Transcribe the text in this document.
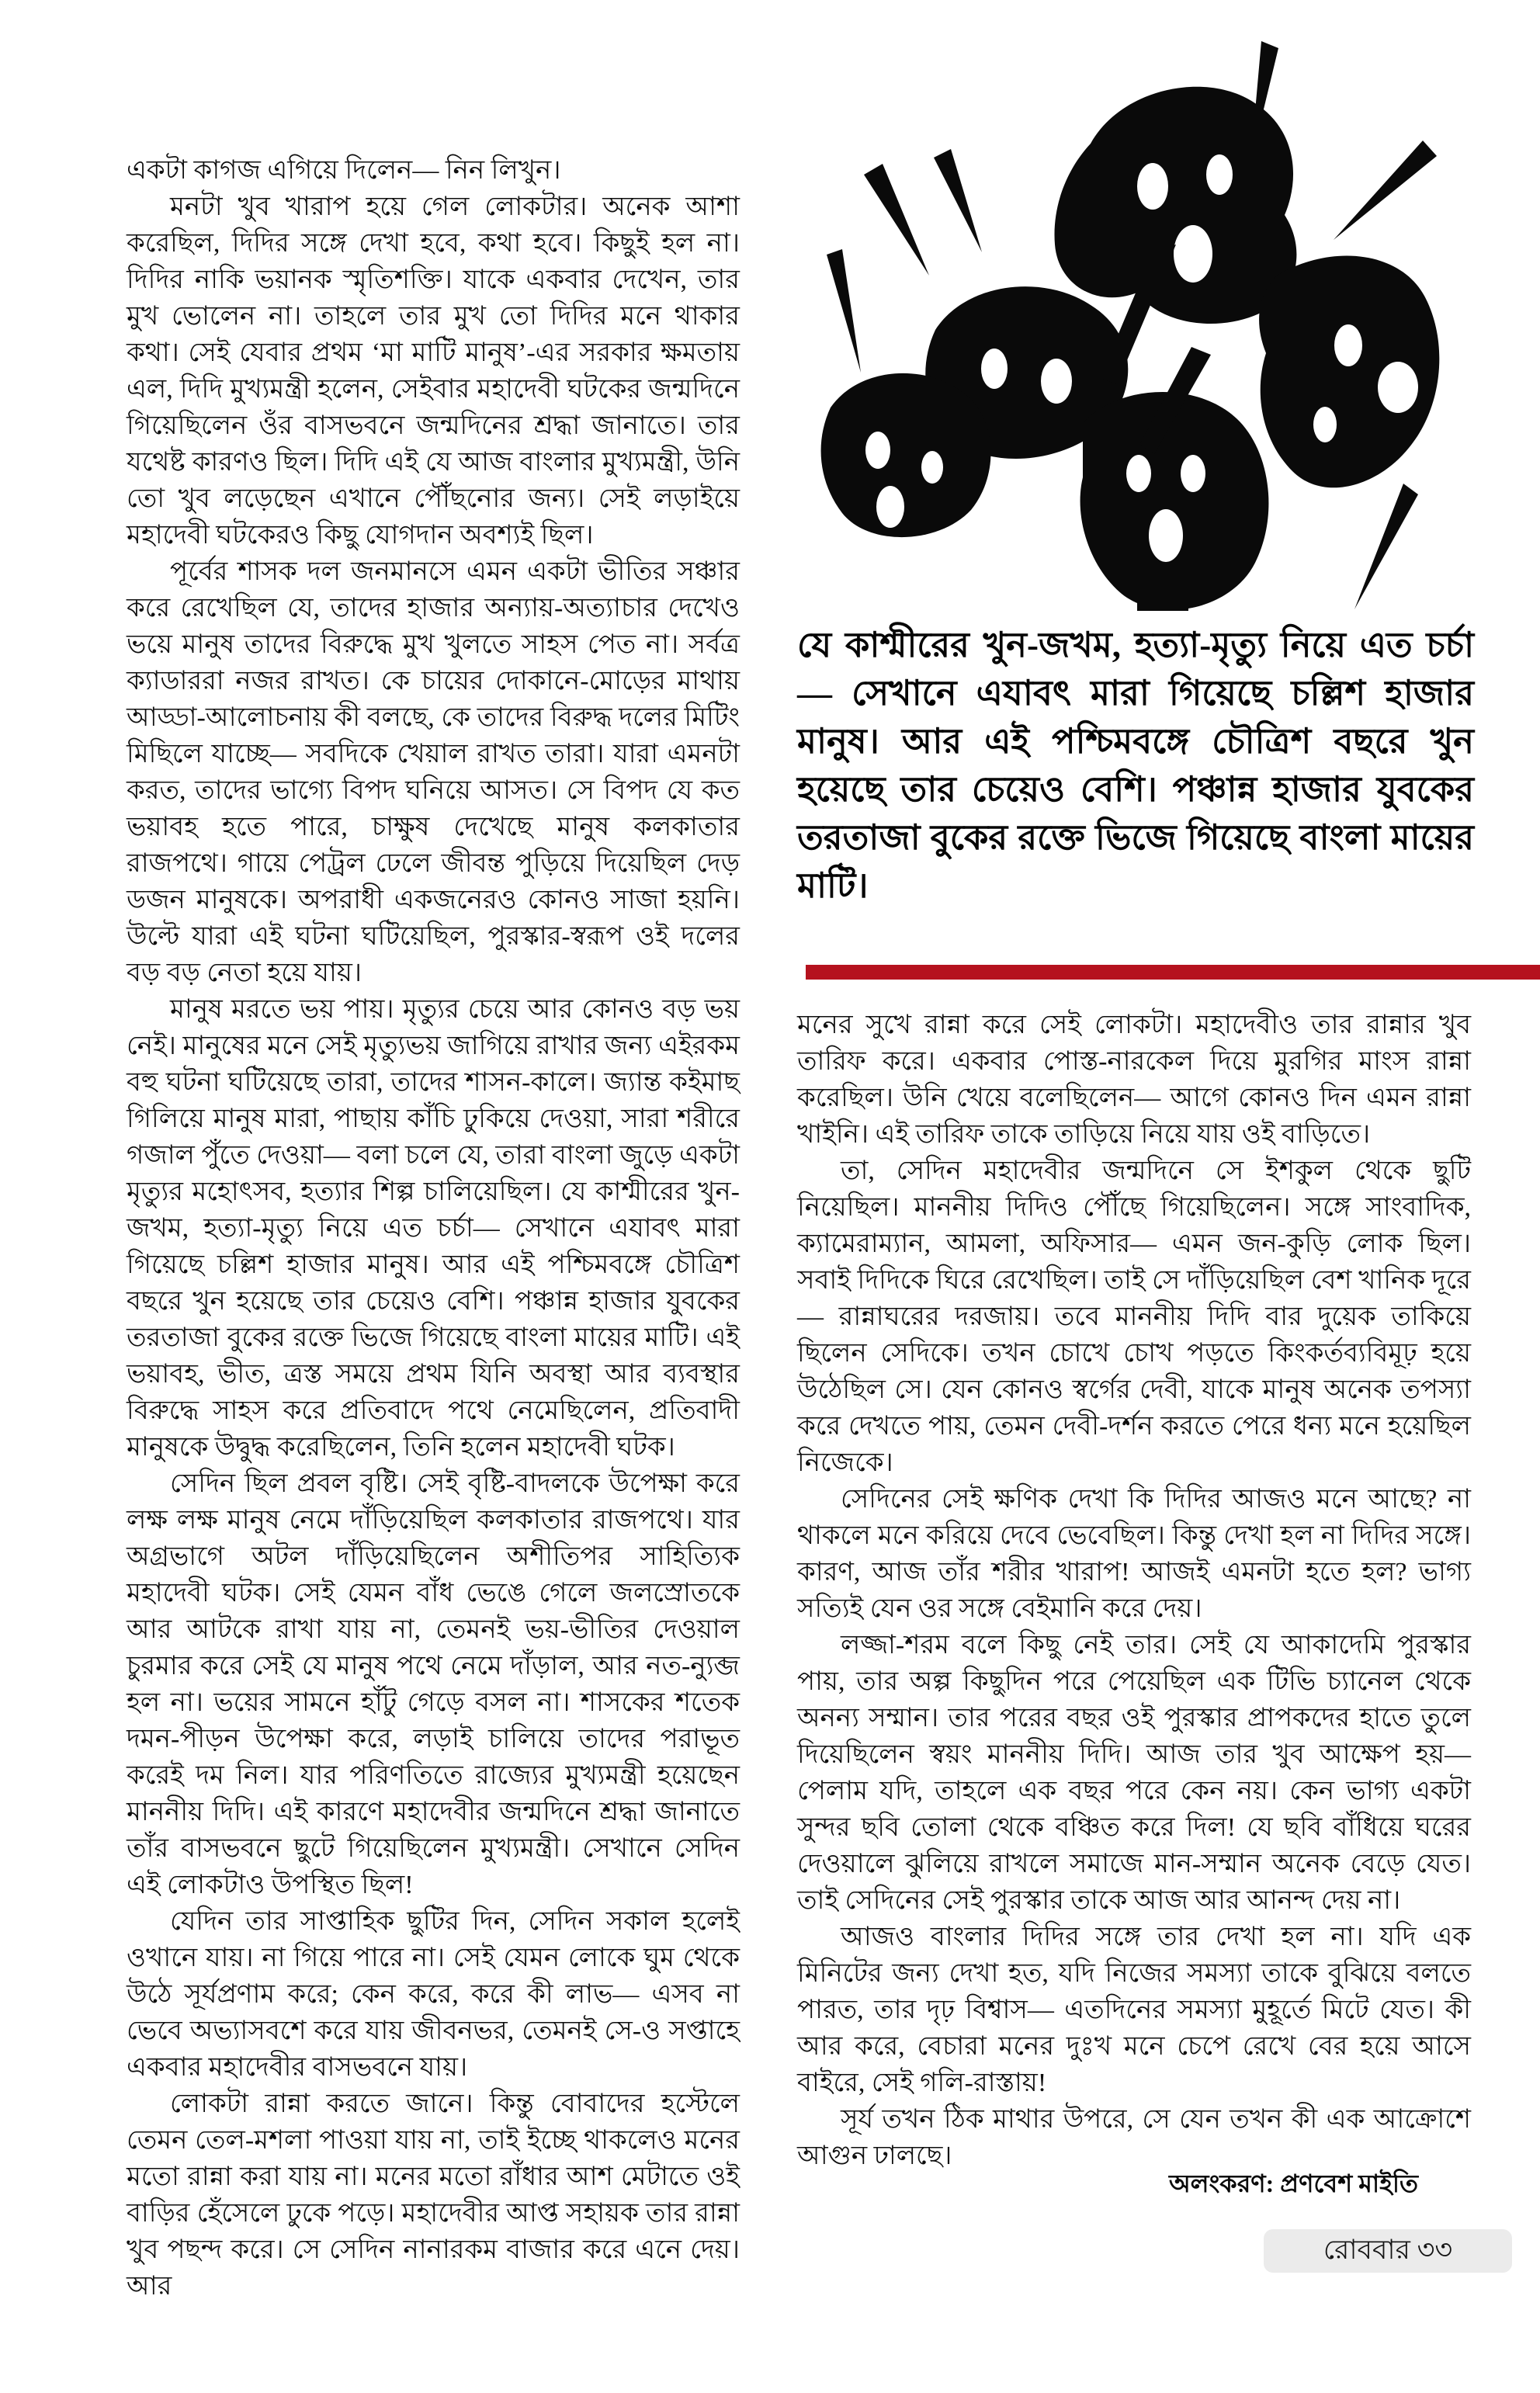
যে কাশ্মীরের খুন-জখম, হত্যা-মৃত্যু নিয়ে এত চর্চা— সেখানে এযাবৎ মারা গিয়েছে চল্লিশ হাজার মানুষ। আর এই পশ্চিমবঙ্গে চৌত্রিশ বছরে খুন হয়েছে তার চেয়েও বেশি। পঞ্চান্ন হাজার যুবকের তরতাজা বুকের রক্তে ভিজে গিয়েছে বাংলা মায়ের মাটি।

একটা কাগজ এগিয়ে দিলেন— নিন লিখুন।

মনটা খুব খারাপ হয়ে গেল লোকটার। অনেক আশা করেছিল, দিদির সঙ্গে দেখা হবে, কথা হবে। কিছুই হল না। দিদির নাকি ভয়ানক স্মৃতিশক্তি। যাকে একবার দেখেন, তার মুখ ভোলেন না। তাহলে তার মুখ তো দিদির মনে থাকার কথা। সেই যেবার প্রথম ‘মা মাটি মানুষ’-এর সরকার ক্ষমতায় এল, দিদি মুখ্যমন্ত্রী হলেন, সেইবার মহাদেবী ঘটকের জন্মদিনে গিয়েছিলেন ওঁর বাসভবনে জন্মদিনের শ্রদ্ধা জানাতে। তার যথেষ্ট কারণও ছিল। দিদি এই যে আজ বাংলার মুখ্যমন্ত্রী, উনি তো খুব লড়েছেন এখানে পৌঁছনোর জন্য। সেই লড়াইয়ে মহাদেবী ঘটকেরও কিছু যোগদান অবশ্যই ছিল।

পূর্বের শাসক দল জনমানসে এমন একটা ভীতির সঞ্চার করে রেখেছিল যে, তাদের হাজার অন্যায়-অত্যাচার দেখেও ভয়ে মানুষ তাদের বিরুদ্ধে মুখ খুলতে সাহস পেত না। সর্বত্র ক্যাডাররা নজর রাখত। কে চায়ের দোকানে-মোড়ের মাথায় আড্ডা-আলোচনায় কী বলছে, কে তাদের বিরুদ্ধ দলের মিটিং মিছিলে যাচ্ছে— সবদিকে খেয়াল রাখত তারা। যারা এমনটা করত, তাদের ভাগ্যে বিপদ ঘনিয়ে আসত। সে বিপদ যে কত ভয়াবহ হতে পারে, চাক্ষুষ দেখেছে মানুষ কলকাতার রাজপথে। গায়ে পেট্রল ঢেলে জীবন্ত পুড়িয়ে দিয়েছিল দেড় ডজন মানুষকে। অপরাধী একজনেরও কোনও সাজা হয়নি। উল্টে যারা এই ঘটনা ঘটিয়েছিল, পুরস্কার-স্বরূপ ওই দলের বড় বড় নেতা হয়ে যায়।

মানুষ মরতে ভয় পায়। মৃত্যুর চেয়ে আর কোনও বড় ভয় নেই। মানুষের মনে সেই মৃত্যুভয় জাগিয়ে রাখার জন্য এইরকম বহু ঘটনা ঘটিয়েছে তারা, তাদের শাসন-কালে। জ্যান্ত কইমাছ গিলিয়ে মানুষ মারা, পাছায় কাঁচি ঢুকিয়ে দেওয়া, সারা শরীরে গজাল পুঁতে দেওয়া— বলা চলে যে, তারা বাংলা জুড়ে একটা মৃত্যুর মহোৎসব, হত্যার শিল্প চালিয়েছিল। যে কাশ্মীরের খুন-জখম, হত্যা-মৃত্যু নিয়ে এত চর্চা— সেখানে এযাবৎ মারা গিয়েছে চল্লিশ হাজার মানুষ। আর এই পশ্চিমবঙ্গে চৌত্রিশ বছরে খুন হয়েছে তার চেয়েও বেশি। পঞ্চান্ন হাজার যুবকের তরতাজা বুকের রক্তে ভিজে গিয়েছে বাংলা মায়ের মাটি। এই ভয়াবহ, ভীত, ত্রস্ত সময়ে প্রথম যিনি অবস্থা আর ব্যবস্থার বিরুদ্ধে সাহস করে প্রতিবাদে পথে নেমেছিলেন, প্রতিবাদী মানুষকে উদ্বুদ্ধ করেছিলেন, তিনি হলেন মহাদেবী ঘটক।

সেদিন ছিল প্রবল বৃষ্টি। সেই বৃষ্টি-বাদলকে উপেক্ষা করে লক্ষ লক্ষ মানুষ নেমে দাঁড়িয়েছিল কলকাতার রাজপথে। যার অগ্রভাগে অটল দাঁড়িয়েছিলেন অশীতিপর সাহিত্যিক মহাদেবী ঘটক। সেই যেমন বাঁধ ভেঙে গেলে জলস্রোতকে আর আটকে রাখা যায় না, তেমনই ভয়-ভীতির দেওয়াল চুরমার করে সেই যে মানুষ পথে নেমে দাঁড়াল, আর নত-ন্যুব্জ হল না। ভয়ের সামনে হাঁটু গেড়ে বসল না। শাসকের শতেক দমন-পীড়ন উপেক্ষা করে, লড়াই চালিয়ে তাদের পরাভূত করেই দম নিল। যার পরিণতিতে রাজ্যের মুখ্যমন্ত্রী হয়েছেন মাননীয় দিদি। এই কারণে মহাদেবীর জন্মদিনে শ্রদ্ধা জানাতে তাঁর বাসভবনে ছুটে গিয়েছিলেন মুখ্যমন্ত্রী। সেখানে সেদিন এই লোকটাও উপস্থিত ছিল!

যেদিন তার সাপ্তাহিক ছুটির দিন, সেদিন সকাল হলেই ওখানে যায়। না গিয়ে পারে না। সেই যেমন লোকে ঘুম থেকে উঠে সূর্যপ্রণাম করে; কেন করে, করে কী লাভ— এসব না ভেবে অভ্যাসবশে করে যায় জীবনভর, তেমনই সে-ও সপ্তাহে একবার মহাদেবীর বাসভবনে যায়।

লোকটা রান্না করতে জানে। কিন্তু বোবাদের হস্টেলে তেমন তেল-মশলা পাওয়া যায় না, তাই ইচ্ছে থাকলেও মনের মতো রান্না করা যায় না। মনের মতো রাঁধার আশ মেটাতে ওই বাড়ির হেঁসেলে ঢুকে পড়ে। মহাদেবীর আপ্ত সহায়ক তার রান্না খুব পছন্দ করে। সে সেদিন নানারকম বাজার করে এনে দেয়। আর

মনের সুখে রান্না করে সেই লোকটা। মহাদেবীও তার রান্নার খুব তারিফ করে। একবার পোস্ত-নারকেল দিয়ে মুরগির মাংস রান্না করেছিল। উনি খেয়ে বলেছিলেন— আগে কোনও দিন এমন রান্না খাইনি। এই তারিফ তাকে তাড়িয়ে নিয়ে যায় ওই বাড়িতে।

তা, সেদিন মহাদেবীর জন্মদিনে সে ইশকুল থেকে ছুটি নিয়েছিল। মাননীয় দিদিও পৌঁছে গিয়েছিলেন। সঙ্গে সাংবাদিক, ক্যামেরাম্যান, আমলা, অফিসার— এমন জন-কুড়ি লোক ছিল। সবাই দিদিকে ঘিরে রেখেছিল। তাই সে দাঁড়িয়েছিল বেশ খানিক দূরে— রান্নাঘরের দরজায়। তবে মাননীয় দিদি বার দুয়েক তাকিয়ে ছিলেন সেদিকে। তখন চোখে চোখ পড়তে কিংকর্তব্যবিমূঢ় হয়ে উঠেছিল সে। যেন কোনও স্বর্গের দেবী, যাকে মানুষ অনেক তপস্যা করে দেখতে পায়, তেমন দেবী-দর্শন করতে পেরে ধন্য মনে হয়েছিল নিজেকে।

সেদিনের সেই ক্ষণিক দেখা কি দিদির আজও মনে আছে? না থাকলে মনে করিয়ে দেবে ভেবেছিল। কিন্তু দেখা হল না দিদির সঙ্গে। কারণ, আজ তাঁর শরীর খারাপ! আজই এমনটা হতে হল? ভাগ্য সত্যিই যেন ওর সঙ্গে বেইমানি করে দেয়।

লজ্জা-শরম বলে কিছু নেই তার। সেই যে আকাদেমি পুরস্কার পায়, তার অল্প কিছুদিন পরে পেয়েছিল এক টিভি চ্যানেল থেকে অনন্য সম্মান। তার পরের বছর ওই পুরস্কার প্রাপকদের হাতে তুলে দিয়েছিলেন স্বয়ং মাননীয় দিদি। আজ তার খুব আক্ষেপ হয়— পেলাম যদি, তাহলে এক বছর পরে কেন নয়। কেন ভাগ্য একটা সুন্দর ছবি তোলা থেকে বঞ্চিত করে দিল! যে ছবি বাঁধিয়ে ঘরের দেওয়ালে ঝুলিয়ে রাখলে সমাজে মান-সম্মান অনেক বেড়ে যেত। তাই সেদিনের সেই পুরস্কার তাকে আজ আর আনন্দ দেয় না।

আজও বাংলার দিদির সঙ্গে তার দেখা হল না। যদি এক মিনিটের জন্য দেখা হত, যদি নিজের সমস্যা তাকে বুঝিয়ে বলতে পারত, তার দৃঢ় বিশ্বাস— এতদিনের সমস্যা মুহূর্তে মিটে যেত। কী আর করে, বেচারা মনের দুঃখ মনে চেপে রেখে বের হয়ে আসে বাইরে, সেই গলি-রাস্তায়!

সূর্য তখন ঠিক মাথার উপরে, সে যেন তখন কী এক আক্রোশে আগুন ঢালছে।

অলংকরণ: প্রণবেশ মাইতি
রোববার ৩৩
